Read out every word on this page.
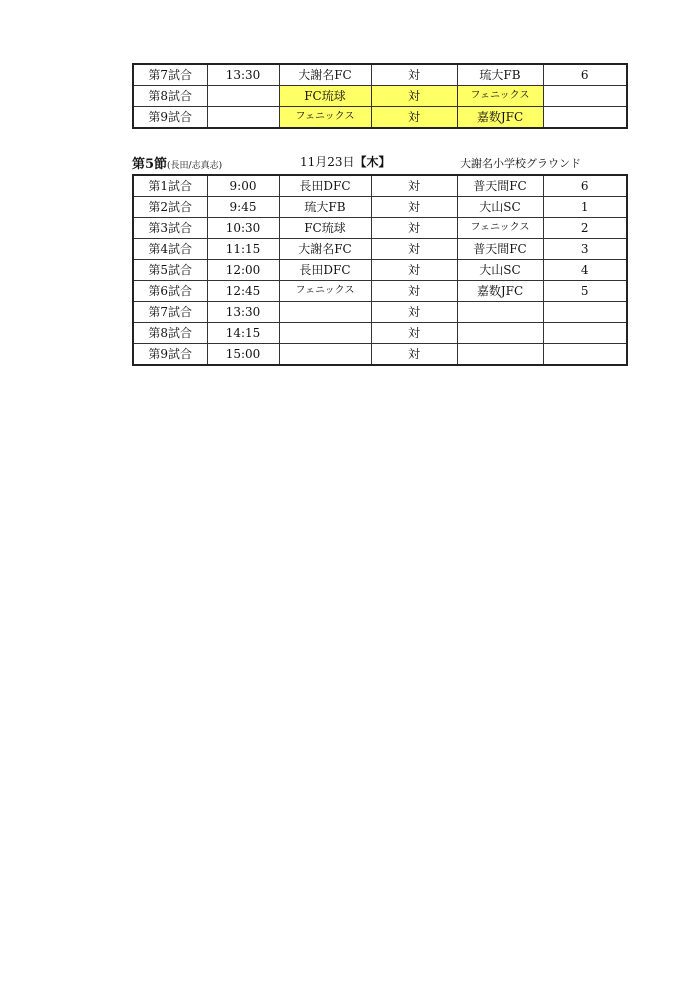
第7試合	13:30	大謝名FC	対	琉大FB	6
第8試合		FC琉球	対	フェニックス	
第9試合		フェニックス	対	嘉数JFC	
第5節(長田/志真志)	11月23日【木】	大謝名小学校グラウンド
第1試合	9:00	長田DFC	対	普天間FC	6
第2試合	9:45	琉大FB	対	大山SC	1
第3試合	10:30	FC琉球	対	フェニックス	2
第4試合	11:15	大謝名FC	対	普天間FC	3
第5試合	12:00	長田DFC	対	大山SC	4
第6試合	12:45	フェニックス	対	嘉数JFC	5
第7試合	13:30		対		
第8試合	14:15		対		
第9試合	15:00		対		
